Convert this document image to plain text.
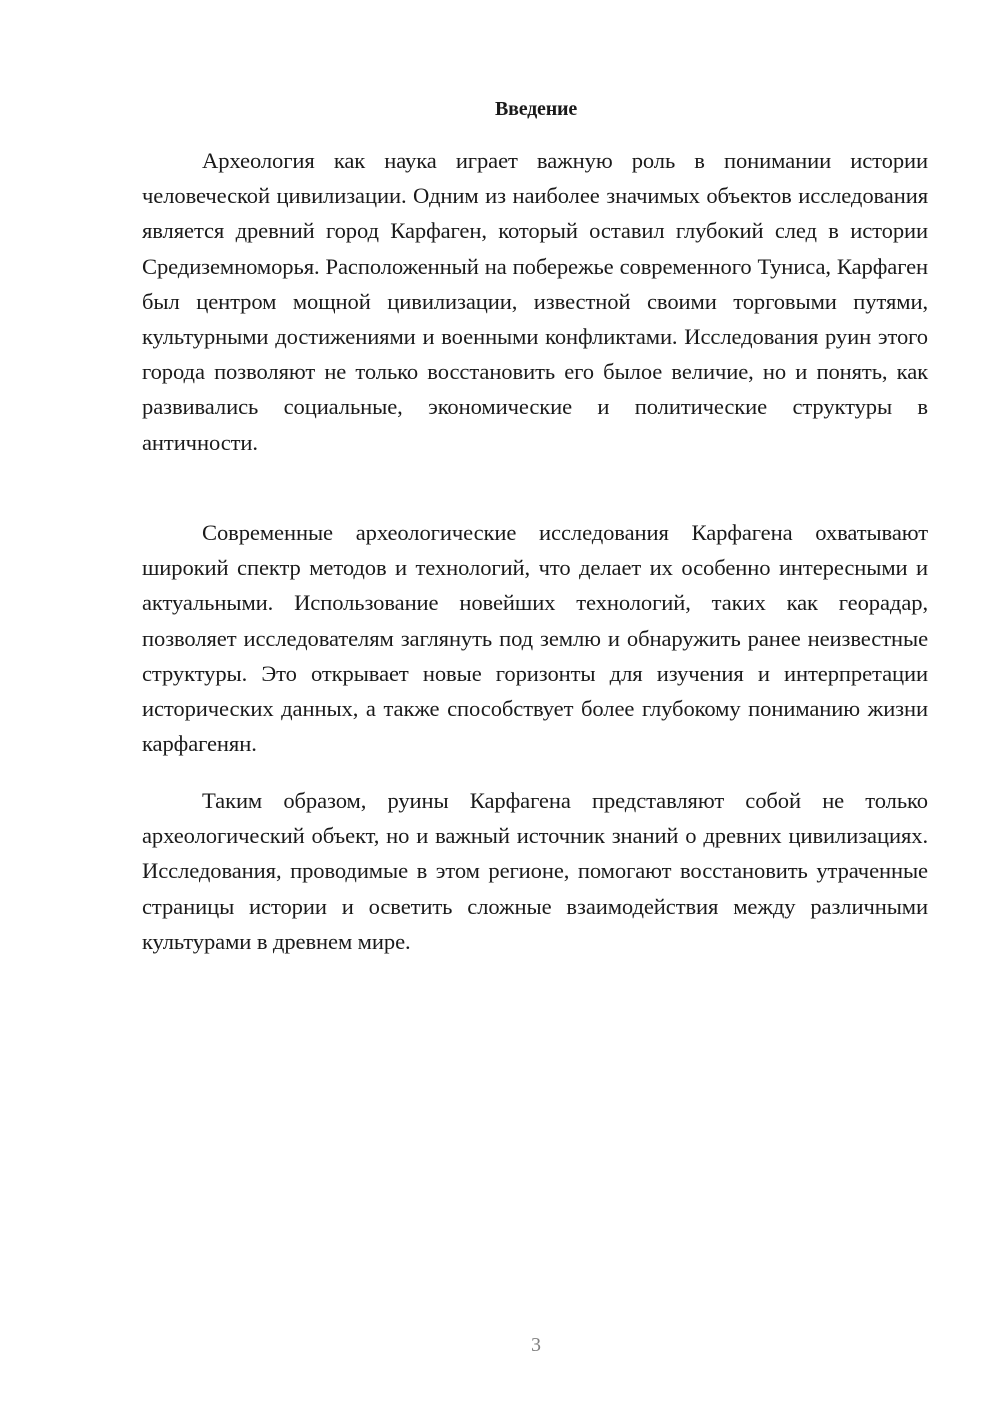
Введение

Археология как наука играет важную роль в понимании истории человеческой цивилизации. Одним из наиболее значимых объектов исследования является древний город Карфаген, который оставил глубокий след в истории Средиземноморья. Расположенный на побережье современного Туниса, Карфаген был центром мощной цивилизации, известной своими торговыми путями, культурными достижениями и военными конфликтами. Исследования руин этого города позволяют не только восстановить его былое величие, но и понять, как развивались социальные, экономические и политические структуры в античности.

Современные археологические исследования Карфагена охватывают широкий спектр методов и технологий, что делает их особенно интересными и актуальными. Использование новейших технологий, таких как георадар, позволяет исследователям заглянуть под землю и обнаружить ранее неизвестные структуры. Это открывает новые горизонты для изучения и интерпретации исторических данных, а также способствует более глубокому пониманию жизни карфагенян.

Таким образом, руины Карфагена представляют собой не только археологический объект, но и важный источник знаний о древних цивилизациях. Исследования, проводимые в этом регионе, помогают восстановить утраченные страницы истории и осветить сложные взаимодействия между различными культурами в древнем мире.

3
